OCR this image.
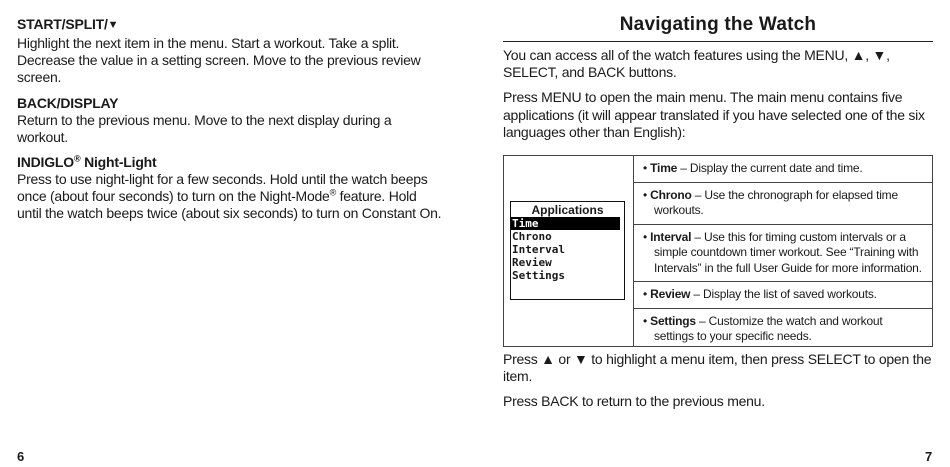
START/SPLIT/▼

Highlight the next item in the menu. Start a workout. Take a split. Decrease the value in a setting screen. Move to the previous review screen.

BACK/DISPLAY

Return to the previous menu. Move to the next display during a workout.

INDIGLO® Night-Light

Press to use night-light for a few seconds. Hold until the watch beeps once (about four seconds) to turn on the Night-Mode® feature. Hold until the watch beeps twice (about six seconds) to turn on Constant On.

Navigating the Watch

You can access all of the watch features using the MENU, ▲, ▼, SELECT, and BACK buttons.

Press MENU to open the main menu. The main menu contains five applications (it will appear translated if you have selected one of the six languages other than English):

Applications
Time
Chrono
Interval
Review
Settings
• Time – Display the current date and time.
• Chrono – Use the chronograph for elapsed time workouts.
• Interval – Use this for timing custom intervals or a simple countdown timer workout. See “Training with Intervals” in the full User Guide for more information.
• Review – Display the list of saved workouts.
• Settings – Customize the watch and workout settings to your specific needs.

Press ▲ or ▼ to highlight a menu item, then press SELECT to open the item.

Press BACK to return to the previous menu.

6	7
